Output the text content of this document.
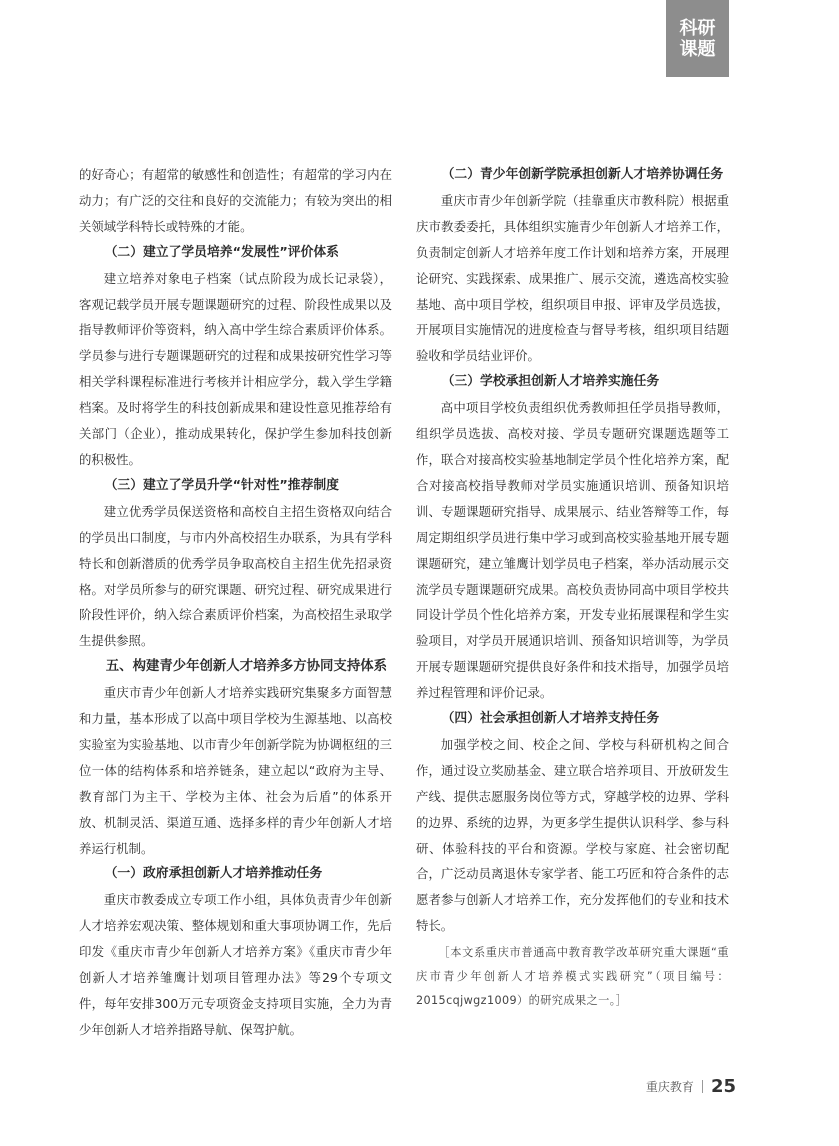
科研
课题

的好奇心；有超常的敏感性和创造性；有超常的学习内在动力；有广泛的交往和良好的交流能力；有较为突出的相关领域学科特长或特殊的才能。

（二）建立了学员培养“发展性”评价体系

建立培养对象电子档案（试点阶段为成长记录袋），客观记载学员开展专题课题研究的过程、阶段性成果以及指导教师评价等资料，纳入高中学生综合素质评价体系。学员参与进行专题课题研究的过程和成果按研究性学习等相关学科课程标准进行考核并计相应学分，载入学生学籍档案。及时将学生的科技创新成果和建设性意见推荐给有关部门（企业），推动成果转化，保护学生参加科技创新的积极性。

（三）建立了学员升学“针对性”推荐制度

建立优秀学员保送资格和高校自主招生资格双向结合的学员出口制度，与市内外高校招生办联系，为具有学科特长和创新潜质的优秀学员争取高校自主招生优先招录资格。对学员所参与的研究课题、研究过程、研究成果进行阶段性评价，纳入综合素质评价档案，为高校招生录取学生提供参照。

五、构建青少年创新人才培养多方协同支持体系

重庆市青少年创新人才培养实践研究集聚多方面智慧和力量，基本形成了以高中项目学校为生源基地、以高校实验室为实验基地、以市青少年创新学院为协调枢纽的三位一体的结构体系和培养链条，建立起以“政府为主导、教育部门为主干、学校为主体、社会为后盾”的体系开放、机制灵活、渠道互通、选择多样的青少年创新人才培养运行机制。

（一）政府承担创新人才培养推动任务

重庆市教委成立专项工作小组，具体负责青少年创新人才培养宏观决策、整体规划和重大事项协调工作，先后印发《重庆市青少年创新人才培养方案》《重庆市青少年创新人才培养雏鹰计划项目管理办法》等29个专项文件，每年安排300万元专项资金支持项目实施，全力为青少年创新人才培养指路导航、保驾护航。

（二）青少年创新学院承担创新人才培养协调任务

重庆市青少年创新学院（挂靠重庆市教科院）根据重庆市教委委托，具体组织实施青少年创新人才培养工作，负责制定创新人才培养年度工作计划和培养方案，开展理论研究、实践探索、成果推广、展示交流，遴选高校实验基地、高中项目学校，组织项目申报、评审及学员选拔，开展项目实施情况的进度检查与督导考核，组织项目结题验收和学员结业评价。

（三）学校承担创新人才培养实施任务

高中项目学校负责组织优秀教师担任学员指导教师，组织学员选拔、高校对接、学员专题研究课题选题等工作，联合对接高校实验基地制定学员个性化培养方案，配合对接高校指导教师对学员实施通识培训、预备知识培训、专题课题研究指导、成果展示、结业答辩等工作，每周定期组织学员进行集中学习或到高校实验基地开展专题课题研究，建立雏鹰计划学员电子档案，举办活动展示交流学员专题课题研究成果。高校负责协同高中项目学校共同设计学员个性化培养方案，开发专业拓展课程和学生实验项目，对学员开展通识培训、预备知识培训等，为学员开展专题课题研究提供良好条件和技术指导，加强学员培养过程管理和评价记录。

（四）社会承担创新人才培养支持任务

加强学校之间、校企之间、学校与科研机构之间合作，通过设立奖励基金、建立联合培养项目、开放研发生产线、提供志愿服务岗位等方式，穿越学校的边界、学科的边界、系统的边界，为更多学生提供认识科学、参与科研、体验科技的平台和资源。学校与家庭、社会密切配合，广泛动员离退休专家学者、能工巧匠和符合条件的志愿者参与创新人才培养工作，充分发挥他们的专业和技术特长。

［本文系重庆市普通高中教育教学改革研究重大课题“重庆市青少年创新人才培养模式实践研究”（项目编号：2015cqjwgz1009）的研究成果之一。］

重庆教育 25
